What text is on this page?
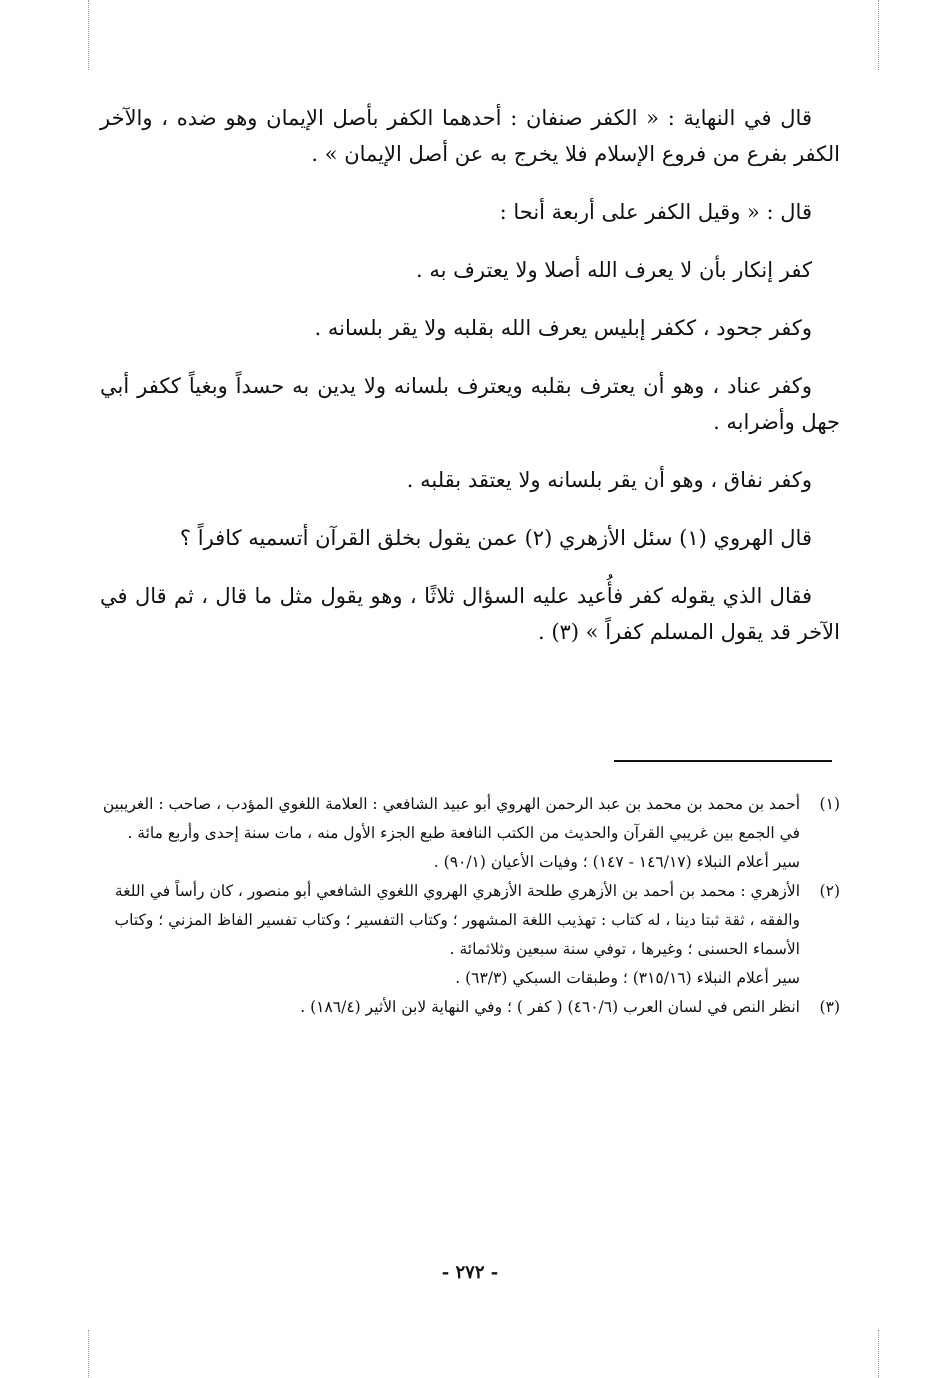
قال في النهاية : « الكفر صنفان : أحدهما الكفر بأصل الإيمان وهو ضده ، والآخر الكفر بفرع من فروع الإسلام فلا يخرج به عن أصل الإيمان » .

قال : « وقيل الكفر على أربعة أنحا :

كفر إنكار بأن لا يعرف الله أصلا ولا يعترف به .

وكفر جحود ، ككفر إبليس يعرف الله بقلبه ولا يقر بلسانه .

وكفر عناد ، وهو أن يعترف بقلبه ويعترف بلسانه ولا يدين به حسداً وبغياً ككفر أبي جهل وأضرابه .

وكفر نفاق ، وهو أن يقر بلسانه ولا يعتقد بقلبه .

قال الهروي (١) سئل الأزهري (٢) عمن يقول بخلق القرآن أتسميه كافراً ؟

فقال الذي يقوله كفر فأُعيد عليه السؤال ثلاثًا ، وهو يقول مثل ما قال ، ثم قال في الآخر قد يقول المسلم كفراً » (٣) .

(١)
أحمد بن محمد بن محمد بن عبد الرحمن الهروي أبو عبيد الشافعي : العلامة اللغوي المؤدب ، صاحب : الغريبين في الجمع بين غريبي القرآن والحديث من الكتب النافعة طبع الجزء الأول منه ، مات سنة إحدى وأربع مائة .
سير أعلام النبلاء (١٤٦/١٧ - ١٤٧) ؛ وفيات الأعيان (٩٠/١) .
(٢)
الأزهري : محمد بن أحمد بن الأزهري طلحة الأزهري الهروي اللغوي الشافعي أبو منصور ، كان رأساً في اللغة والفقه ، ثقة ثبتا دينا ، له كتاب : تهذيب اللغة المشهور ؛ وكتاب التفسير ؛ وكتاب تفسير الفاظ المزني ؛ وكتاب الأسماء الحسنى ؛ وغيرها ، توفي سنة سبعين وثلاثمائة .
سير أعلام النبلاء (٣١٥/١٦) ؛ وطبقات السبكي (٦٣/٣) .
(٣)
انظر النص في لسان العرب (٤٦٠/٦) ( كفر ) ؛ وفي النهاية لابن الأثير (١٨٦/٤) .
- ٢٧٢ -
